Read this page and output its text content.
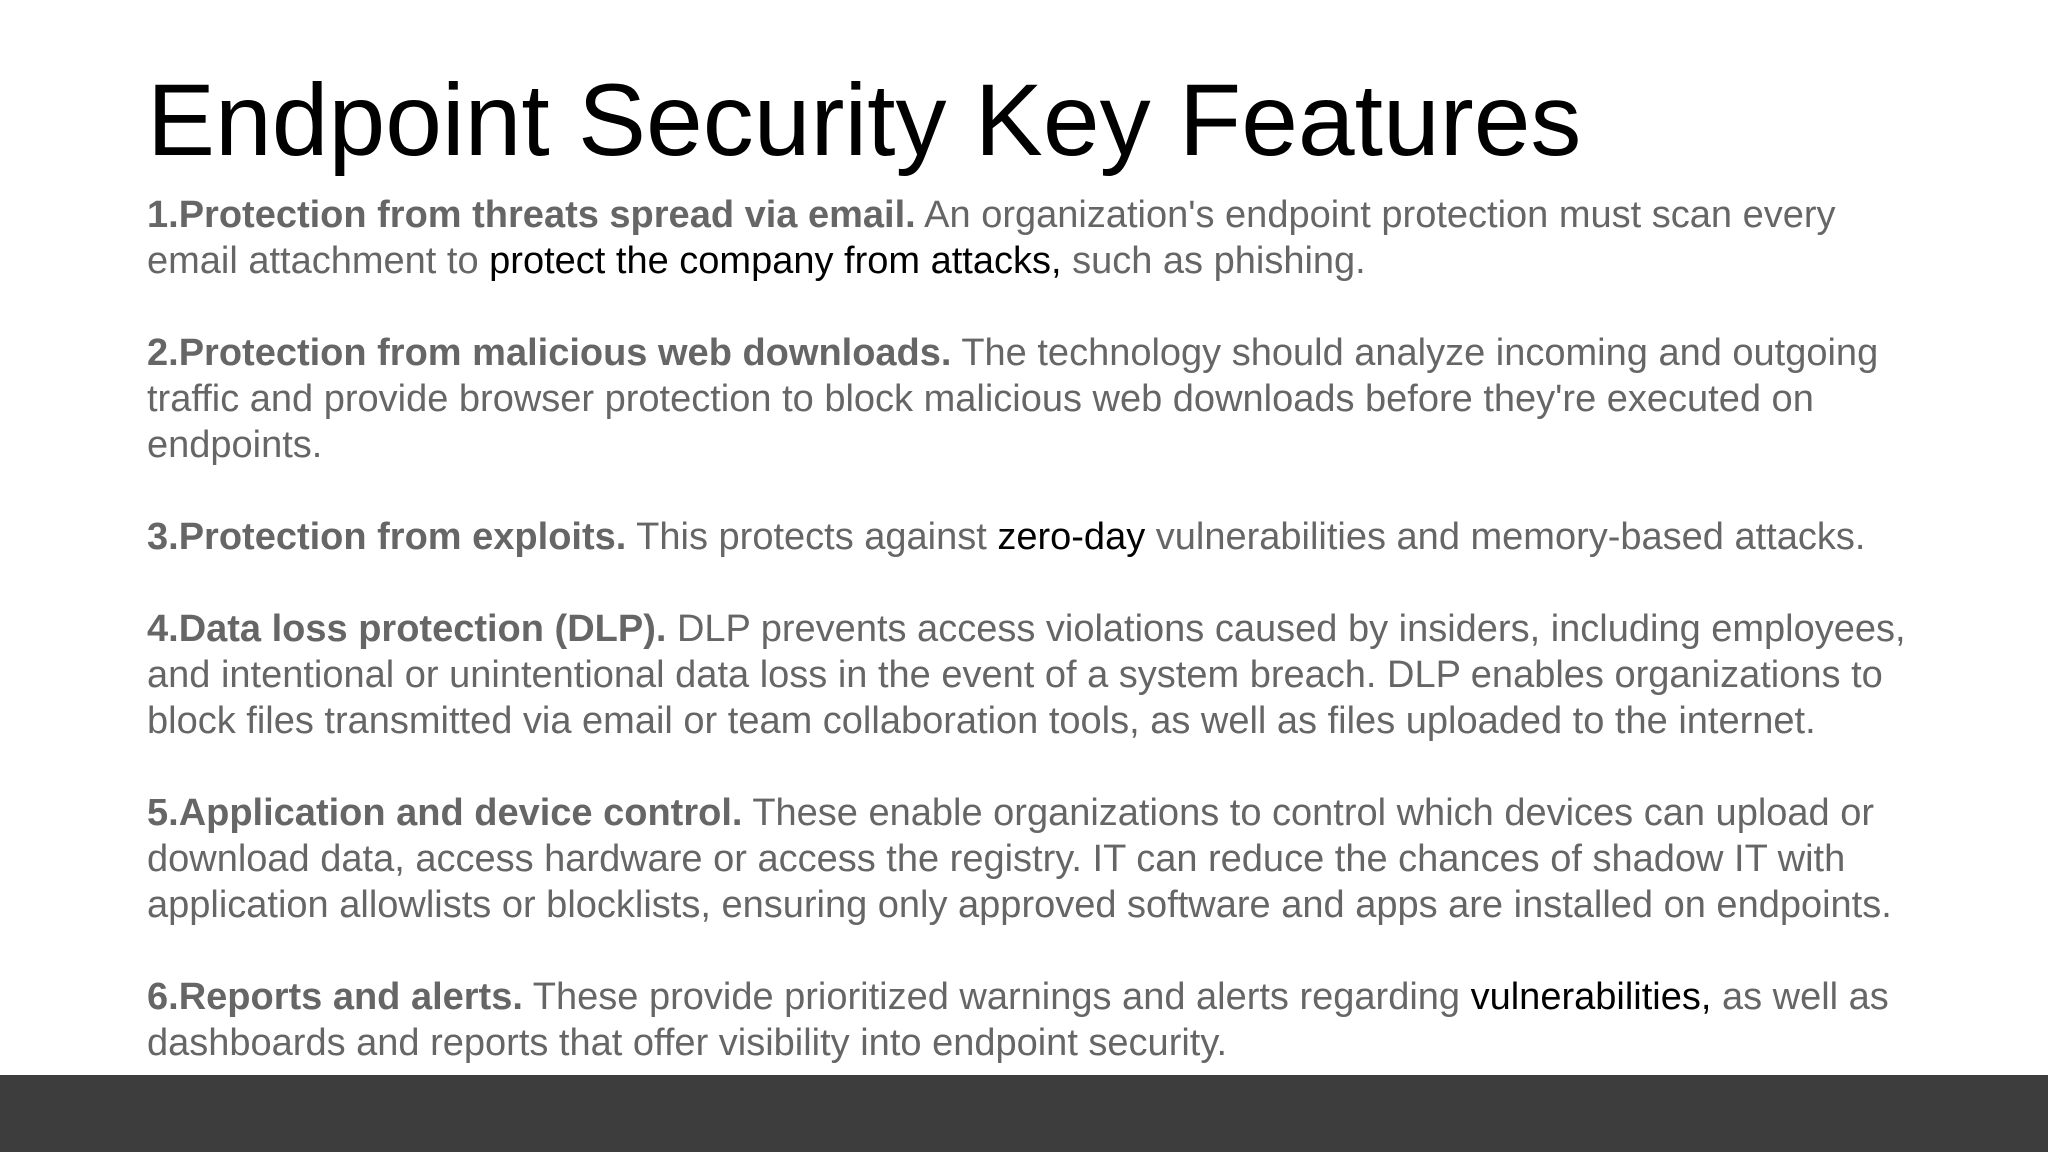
Endpoint Security Key Features
1.Protection from threats spread via email. An organization's endpoint protection must scan every email attachment to protect the company from attacks, such as phishing.
2.Protection from malicious web downloads. The technology should analyze incoming and outgoing traffic and provide browser protection to block malicious web downloads before they're executed on endpoints.
3.Protection from exploits. This protects against zero-day vulnerabilities and memory-based attacks.
4.Data loss protection (DLP). DLP prevents access violations caused by insiders, including employees, and intentional or unintentional data loss in the event of a system breach. DLP enables organizations to block files transmitted via email or team collaboration tools, as well as files uploaded to the internet.
5.Application and device control. These enable organizations to control which devices can upload or download data, access hardware or access the registry. IT can reduce the chances of shadow IT with application allowlists or blocklists, ensuring only approved software and apps are installed on endpoints.
6.Reports and alerts. These provide prioritized warnings and alerts regarding vulnerabilities, as well as dashboards and reports that offer visibility into endpoint security.
